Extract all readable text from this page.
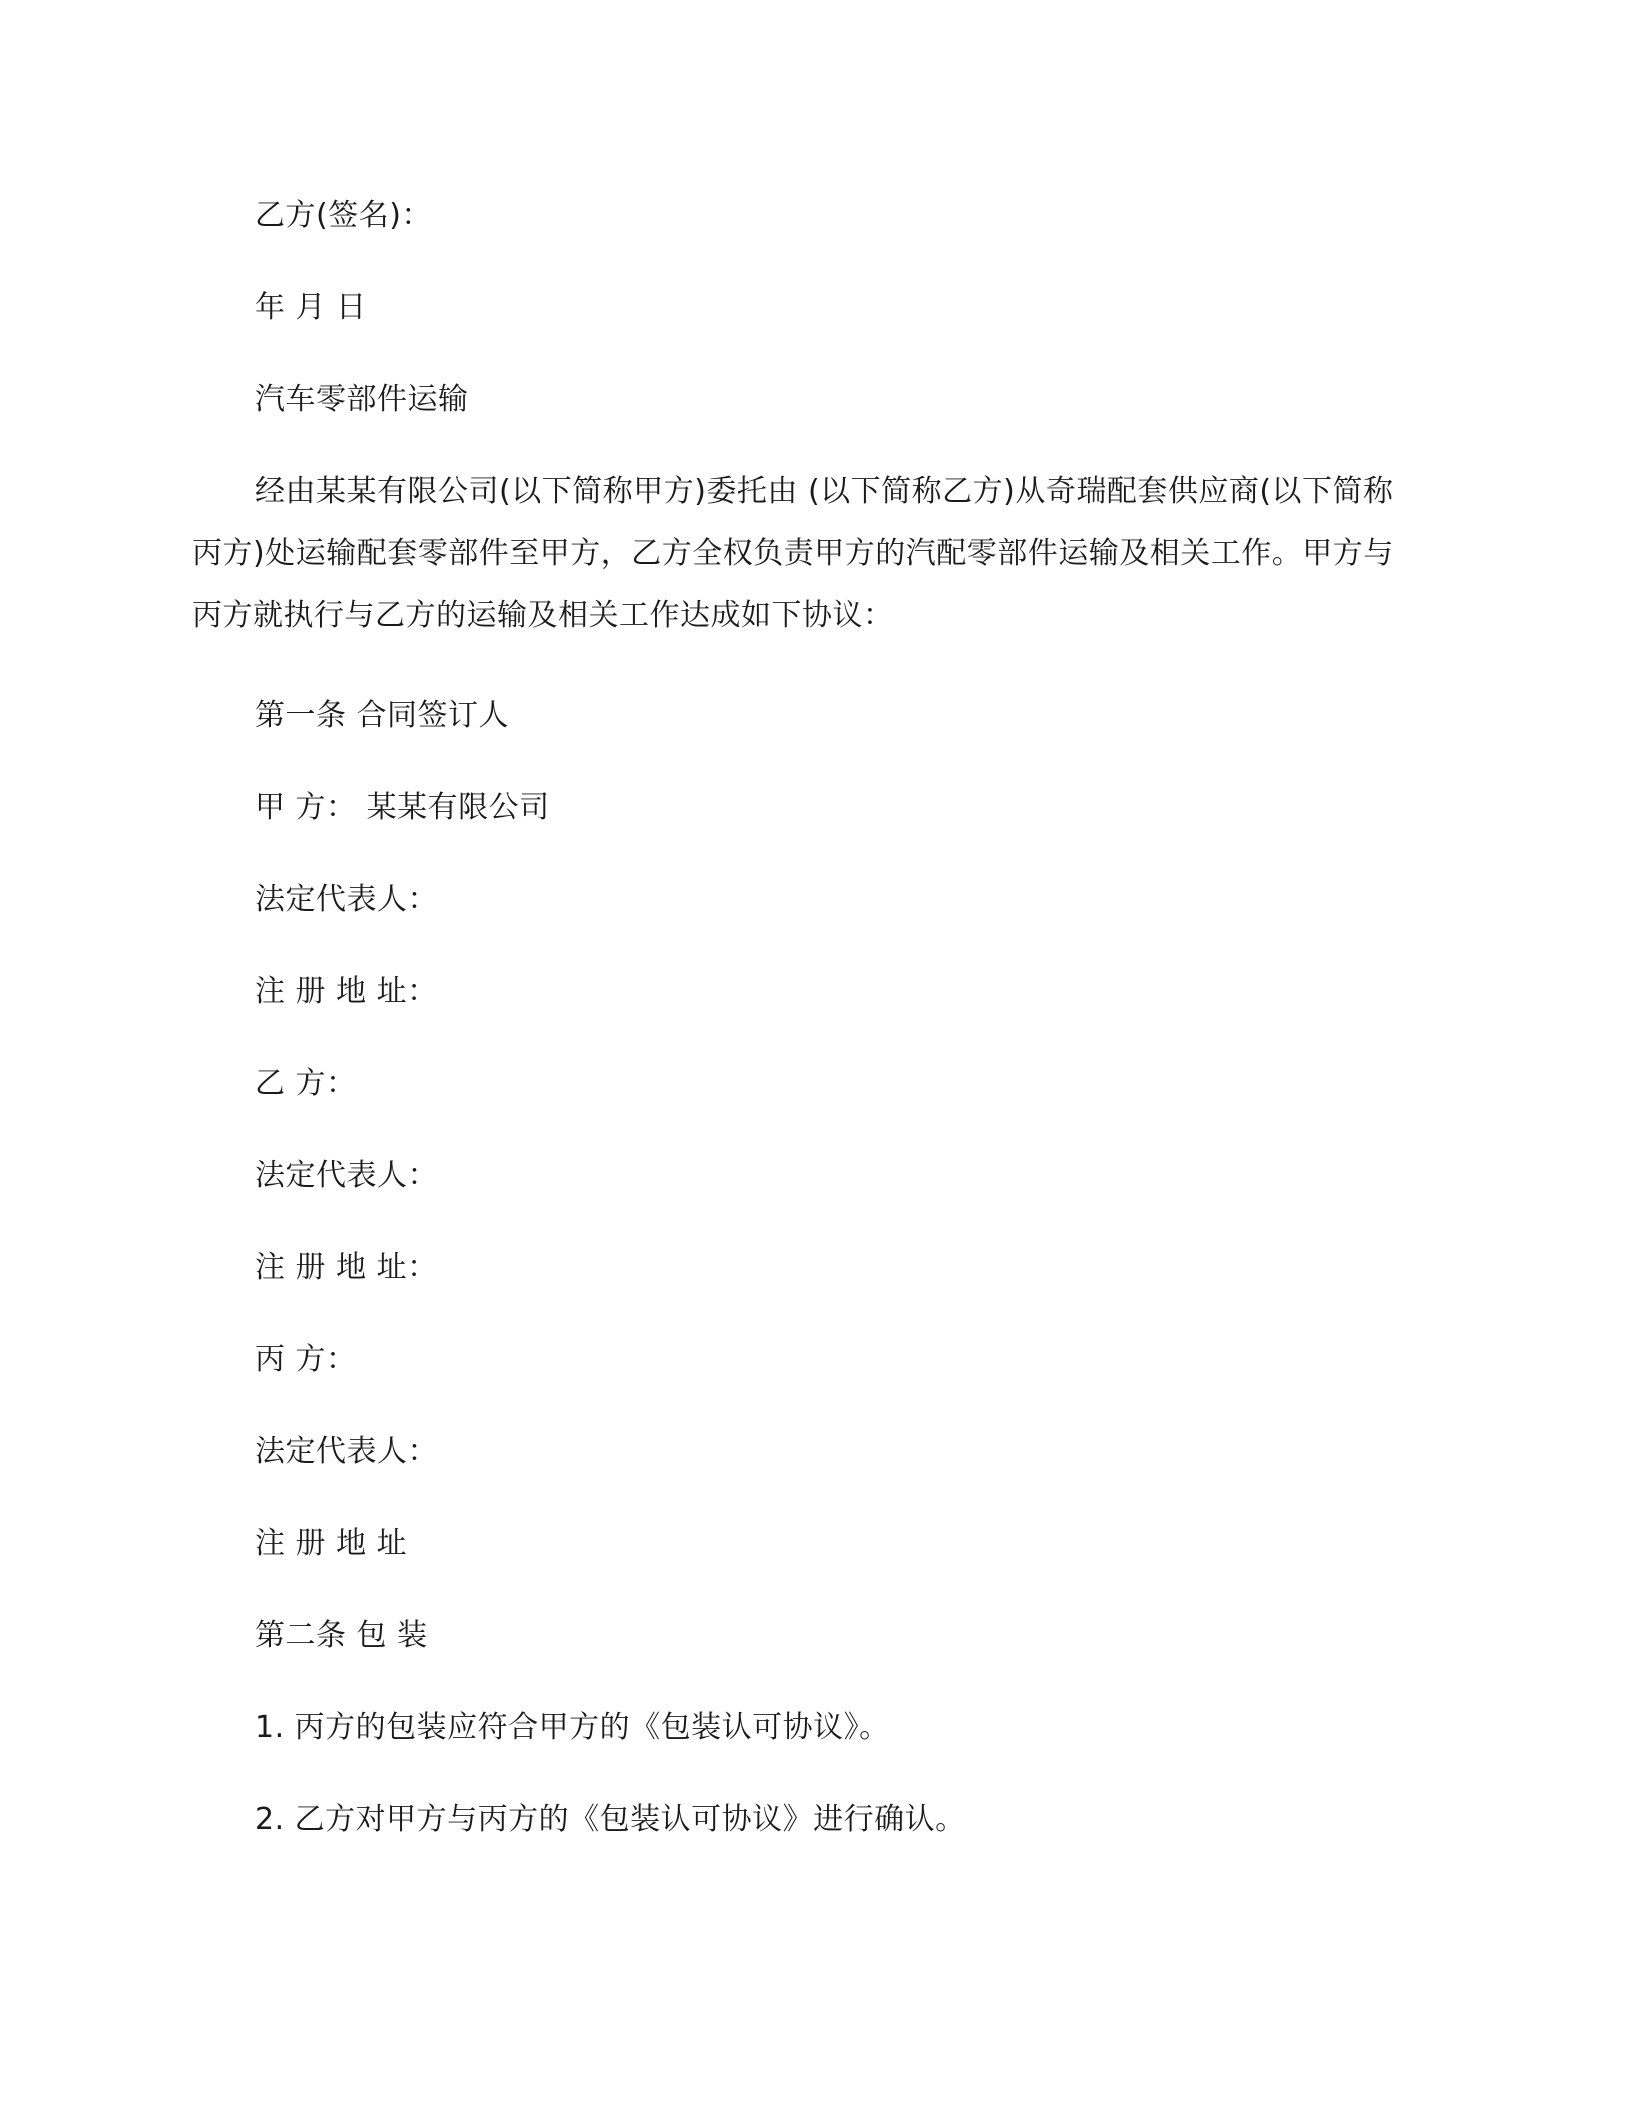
乙方(签名)：
年 月 日
汽车零部件运输
经由某某有限公司(以下简称甲方)委托由 (以下简称乙方)从奇瑞配套供应商(以下简称丙方)处运输配套零部件至甲方，乙方全权负责甲方的汽配零部件运输及相关工作。甲方与丙方就执行与乙方的运输及相关工作达成如下协议：
第一条 合同签订人
甲 方： 某某有限公司
法定代表人：
注 册 地 址：
乙 方：
法定代表人：
注 册 地 址：
丙 方：
法定代表人：
注 册 地 址
第二条 包 装
1. 丙方的包装应符合甲方的《包装认可协议》。
2. 乙方对甲方与丙方的《包装认可协议》进行确认。
